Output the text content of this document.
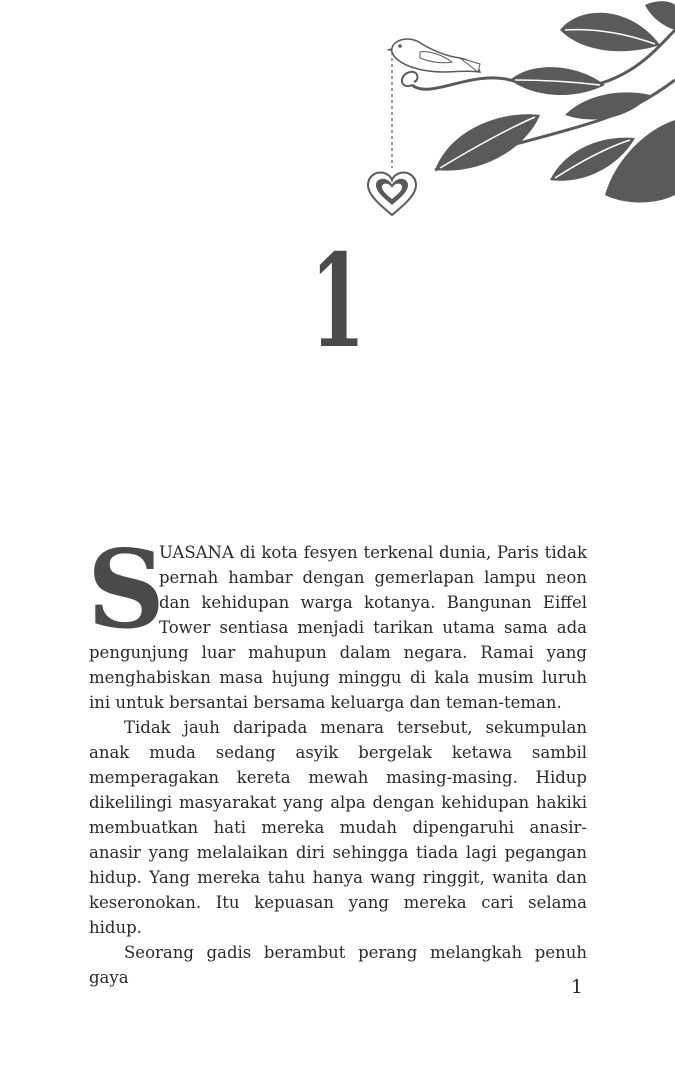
1

S
UASANA di kota fesyen terkenal dunia, Paris tidak pernah hambar dengan gemerlapan lampu neon dan kehidupan warga kotanya. Bangunan Eiffel Tower sentiasa menjadi tarikan utama sama ada pengunjung luar mahupun dalam negara. Ramai yang menghabiskan masa hujung minggu di kala musim luruh ini untuk bersantai bersama keluarga dan teman-teman.

Tidak jauh daripada menara tersebut, sekumpulan anak muda sedang asyik bergelak ketawa sambil memperagakan kereta mewah masing-masing. Hidup dikelilingi masyarakat yang alpa dengan kehidupan hakiki membuatkan hati mereka mudah dipengaruhi anasir-anasir yang melalaikan diri sehingga tiada lagi pegangan hidup. Yang mereka tahu hanya wang ringgit, wanita dan keseronokan. Itu kepuasan yang mereka cari selama hidup.

Seorang gadis berambut perang melangkah penuh gaya	1
